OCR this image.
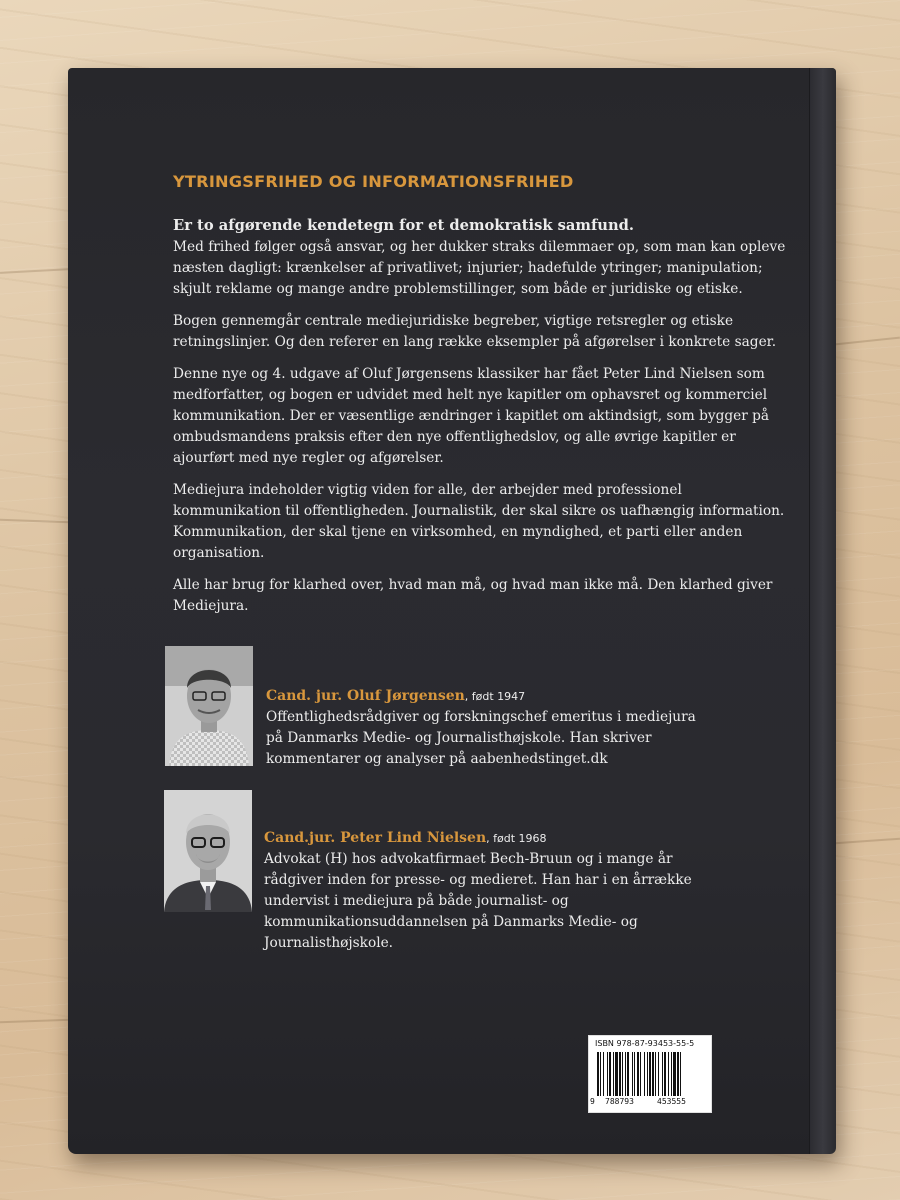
YTRINGSFRIHED OG INFORMATIONSFRIHED

Er to afgørende kendetegn for et demokratisk samfund.

Med frihed følger også ansvar, og her dukker straks dilemmaer op, som man kan opleve næsten dagligt: krænkelser af privatlivet; injurier; hadefulde ytringer; manipulation; skjult reklame og mange andre problemstillinger, som både er juridiske og etiske.

Bogen gennemgår centrale mediejuridiske begreber, vigtige retsregler og etiske retningslinjer. Og den referer en lang række eksempler på afgørelser i konkrete sager.

Denne nye og 4. udgave af Oluf Jørgensens klassiker har fået Peter Lind Nielsen som medforfatter, og bogen er udvidet med helt nye kapitler om ophavsret og kommerciel kommunikation. Der er væsentlige ændringer i kapitlet om aktindsigt, som bygger på ombudsmandens praksis efter den nye offentlighedslov, og alle øvrige kapitler er ajourført med nye regler og afgørelser.

Mediejura indeholder vigtig viden for alle, der arbejder med professionel kommunikation til offentligheden. Journalistik, der skal sikre os uafhængig information. Kommunikation, der skal tjene en virksomhed, en myndighed, et parti eller anden organisation.

Alle har brug for klarhed over, hvad man må, og hvad man ikke må. Den klarhed giver Mediejura.

Cand. jur. Oluf Jørgensen, født 1947
Offentlighedsrådgiver og forskningschef emeritus i mediejura på Danmarks Medie- og Journalisthøjskole. Han skriver kommentarer og analyser på aabenhedstinget.dk
Cand.jur. Peter Lind Nielsen, født 1968
Advokat (H) hos advokatfirmaet Bech-Bruun og i mange år rådgiver inden for presse- og medieret. Han har i en årrække undervist i mediejura på både journalist- og kommunikationsuddannelsen på Danmarks Medie- og Journalisthøjskole.
ISBN 978-87-93453-55-5
9 788793	453555
